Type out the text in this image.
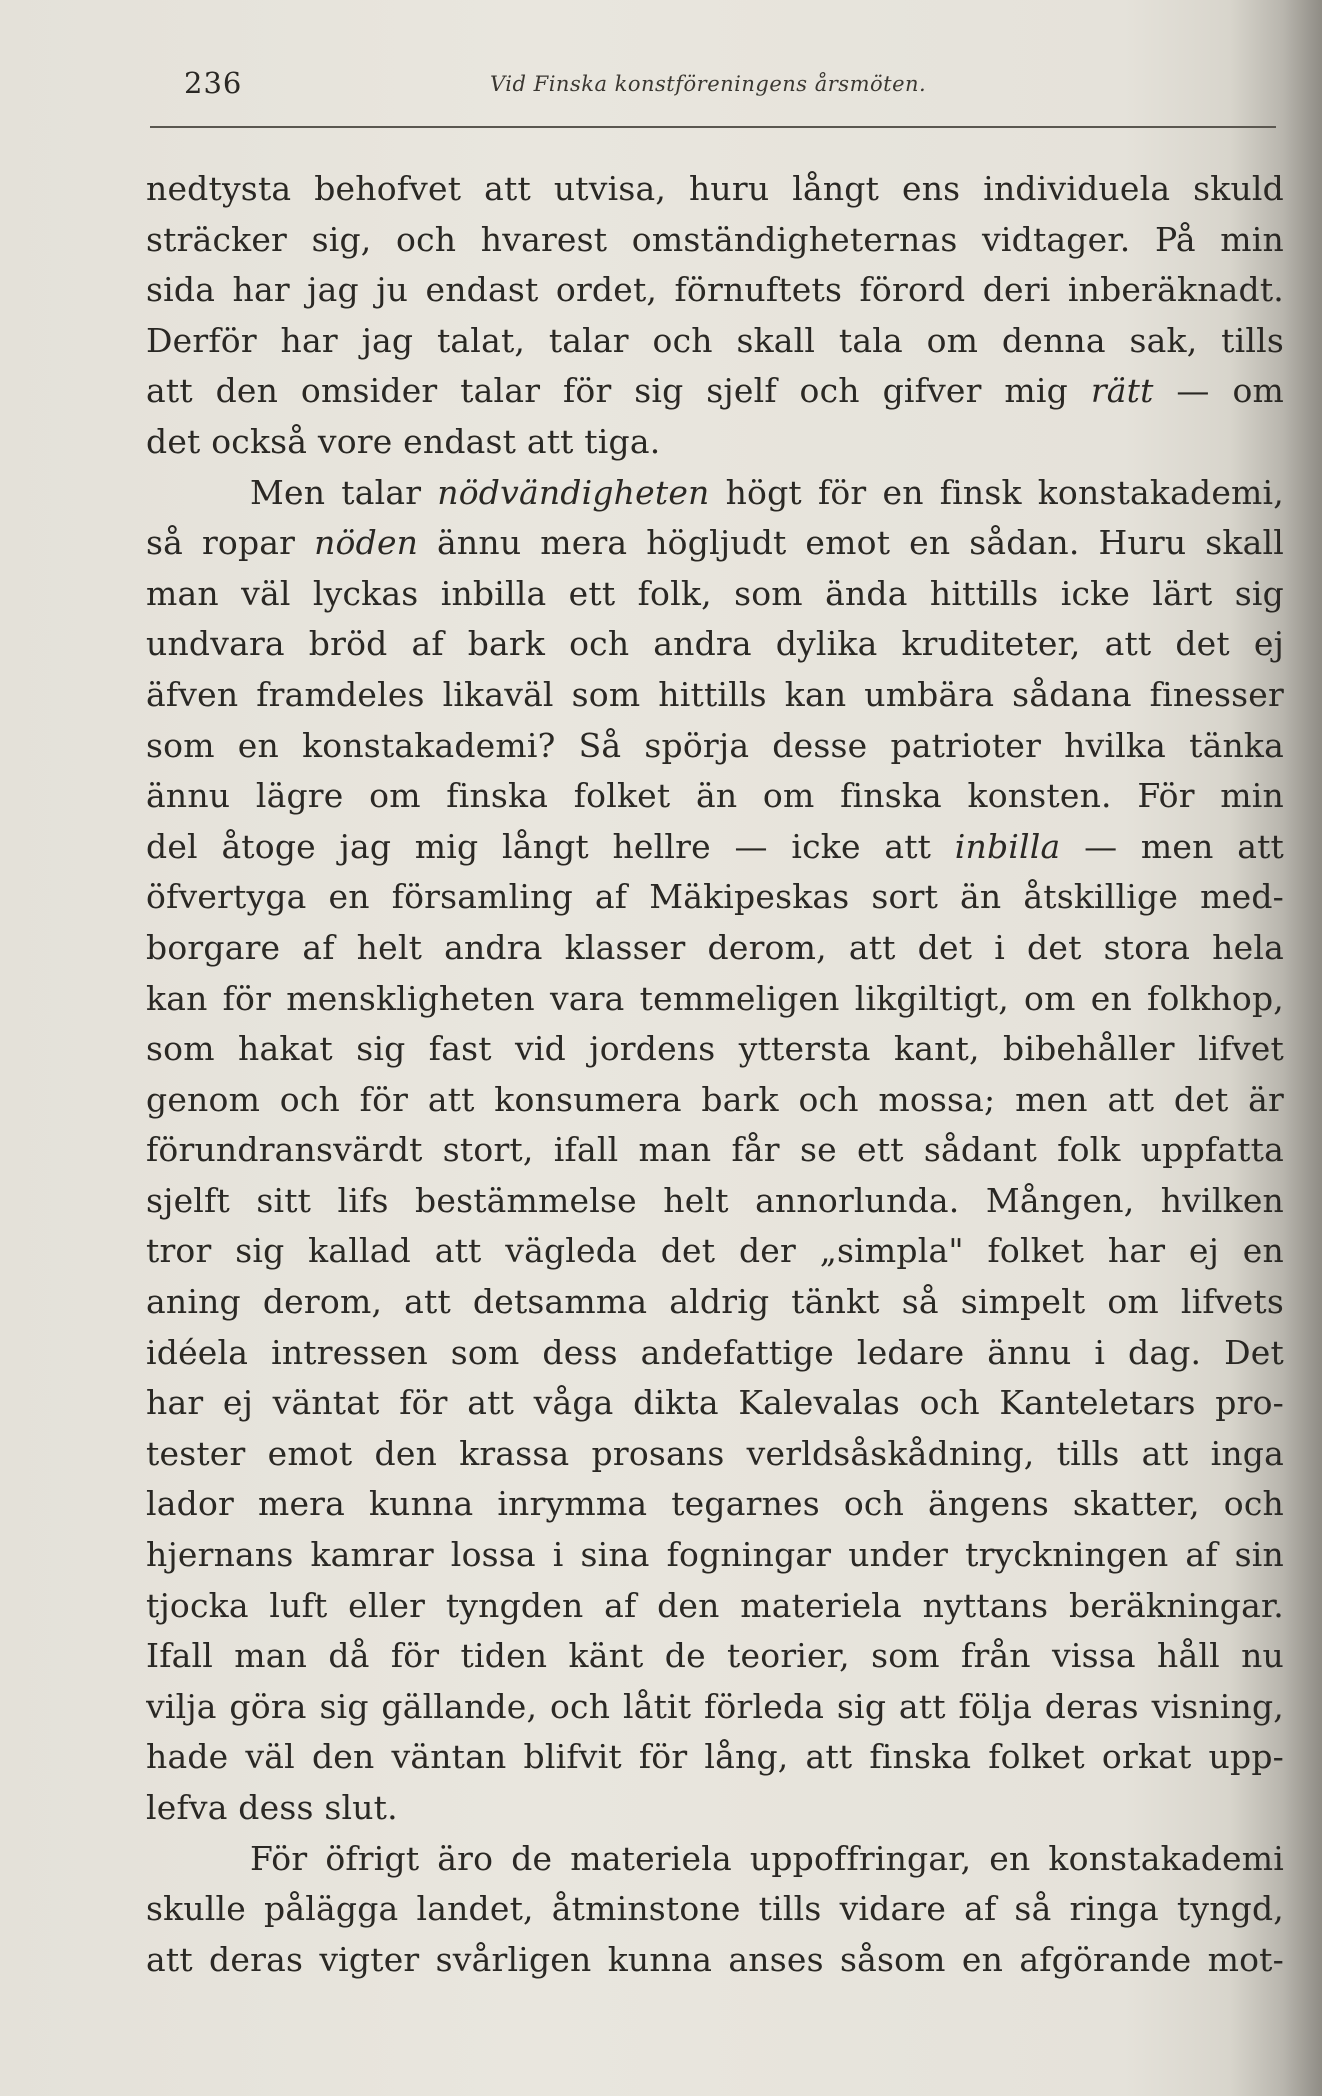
236	Vid Finska konstföreningens årsmöten.
nedtysta behofvet att utvisa, huru långt ens individuela skuld
sträcker sig, och hvarest omständigheternas vidtager. På min
sida har jag ju endast ordet, förnuftets förord deri inberäknadt.
Derför har jag talat, talar och skall tala om denna sak, tills
att den omsider talar för sig sjelf och gifver mig rätt — om
det också vore endast att tiga.
Men talar nödvändigheten högt för en finsk konstakademi,
så ropar nöden ännu mera högljudt emot en sådan. Huru skall
man väl lyckas inbilla ett folk, som ända hittills icke lärt sig
undvara bröd af bark och andra dylika kruditeter, att det ej
äfven framdeles likaväl som hittills kan umbära sådana finesser
som en konstakademi? Så spörja desse patrioter hvilka tänka
ännu lägre om finska folket än om finska konsten. För min
del åtoge jag mig långt hellre — icke att inbilla — men att
öfvertyga en församling af Mäkipeskas sort än åtskillige med-
borgare af helt andra klasser derom, att det i det stora hela
kan för menskligheten vara temmeligen likgiltigt, om en folkhop,
som hakat sig fast vid jordens yttersta kant, bibehåller lifvet
genom och för att konsumera bark och mossa; men att det är
förundransvärdt stort, ifall man får se ett sådant folk uppfatta
sjelft sitt lifs bestämmelse helt annorlunda. Mången, hvilken
tror sig kallad att vägleda det der „simpla" folket har ej en
aning derom, att detsamma aldrig tänkt så simpelt om lifvets
idéela intressen som dess andefattige ledare ännu i dag. Det
har ej väntat för att våga dikta Kalevalas och Kanteletars pro-
tester emot den krassa prosans verldsåskådning, tills att inga
lador mera kunna inrymma tegarnes och ängens skatter, och
hjernans kamrar lossa i sina fogningar under tryckningen af sin
tjocka luft eller tyngden af den materiela nyttans beräkningar.
Ifall man då för tiden känt de teorier, som från vissa håll nu
vilja göra sig gällande, och låtit förleda sig att följa deras visning,
hade väl den väntan blifvit för lång, att finska folket orkat upp-
lefva dess slut.
För öfrigt äro de materiela uppoffringar, en konstakademi
skulle pålägga landet, åtminstone tills vidare af så ringa tyngd,
att deras vigter svårligen kunna anses såsom en afgörande mot-
